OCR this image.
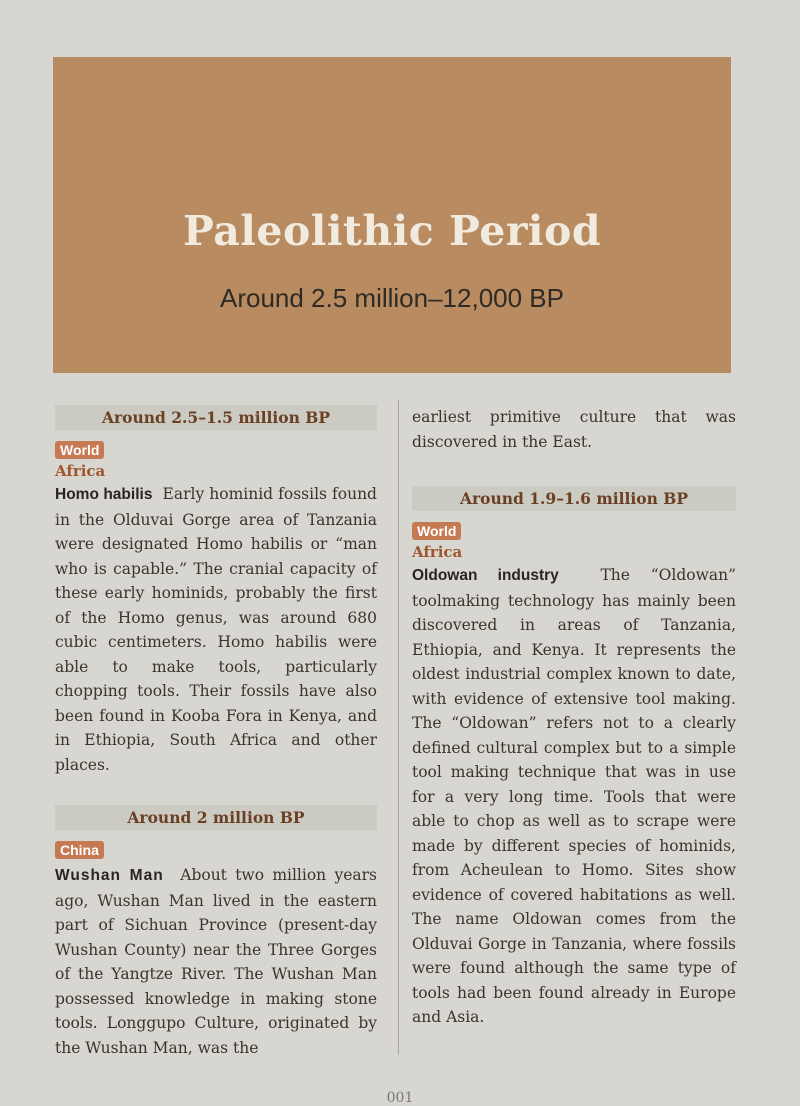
Paleolithic Period
Around 2.5 million–12,000 BP
Around 2.5–1.5 million BP
World
Africa

Homo habilis Early hominid fossils found in the Olduvai Gorge area of Tanzania were designated Homo habilis or “man who is capable.” The cranial capacity of these early hominids, probably the first of the Homo genus, was around 680 cubic centimeters. Homo habilis were able to make tools, particularly chopping tools. Their fossils have also been found in Kooba Fora in Kenya, and in Ethiopia, South Africa and other places.

Around 2 million BP
China

Wushan Man About two million years ago, Wushan Man lived in the eastern part of Sichuan Province (present-day Wushan County) near the Three Gorges of the Yangtze River. The Wushan Man possessed knowledge in making stone tools. Longgupo Culture, originated by the Wushan Man, was the

earliest primitive culture that was discovered in the East.

Around 1.9–1.6 million BP
World
Africa

Oldowan industry	The “Oldowan” toolmaking technology has mainly been discovered in areas of Tanzania, Ethiopia, and Kenya. It represents the oldest industrial complex known to date, with evidence of extensive tool making. The “Oldowan” refers not to a clearly defined cultural complex but to a simple tool making technique that was in use for a very long time. Tools that were able to chop as well as to scrape were made by different species of hominids, from Acheulean to Homo. Sites show evidence of covered habitations as well. The name Oldowan comes from the Olduvai Gorge in Tanzania, where fossils were found although the same type of tools had been found already in Europe and Asia.

001
